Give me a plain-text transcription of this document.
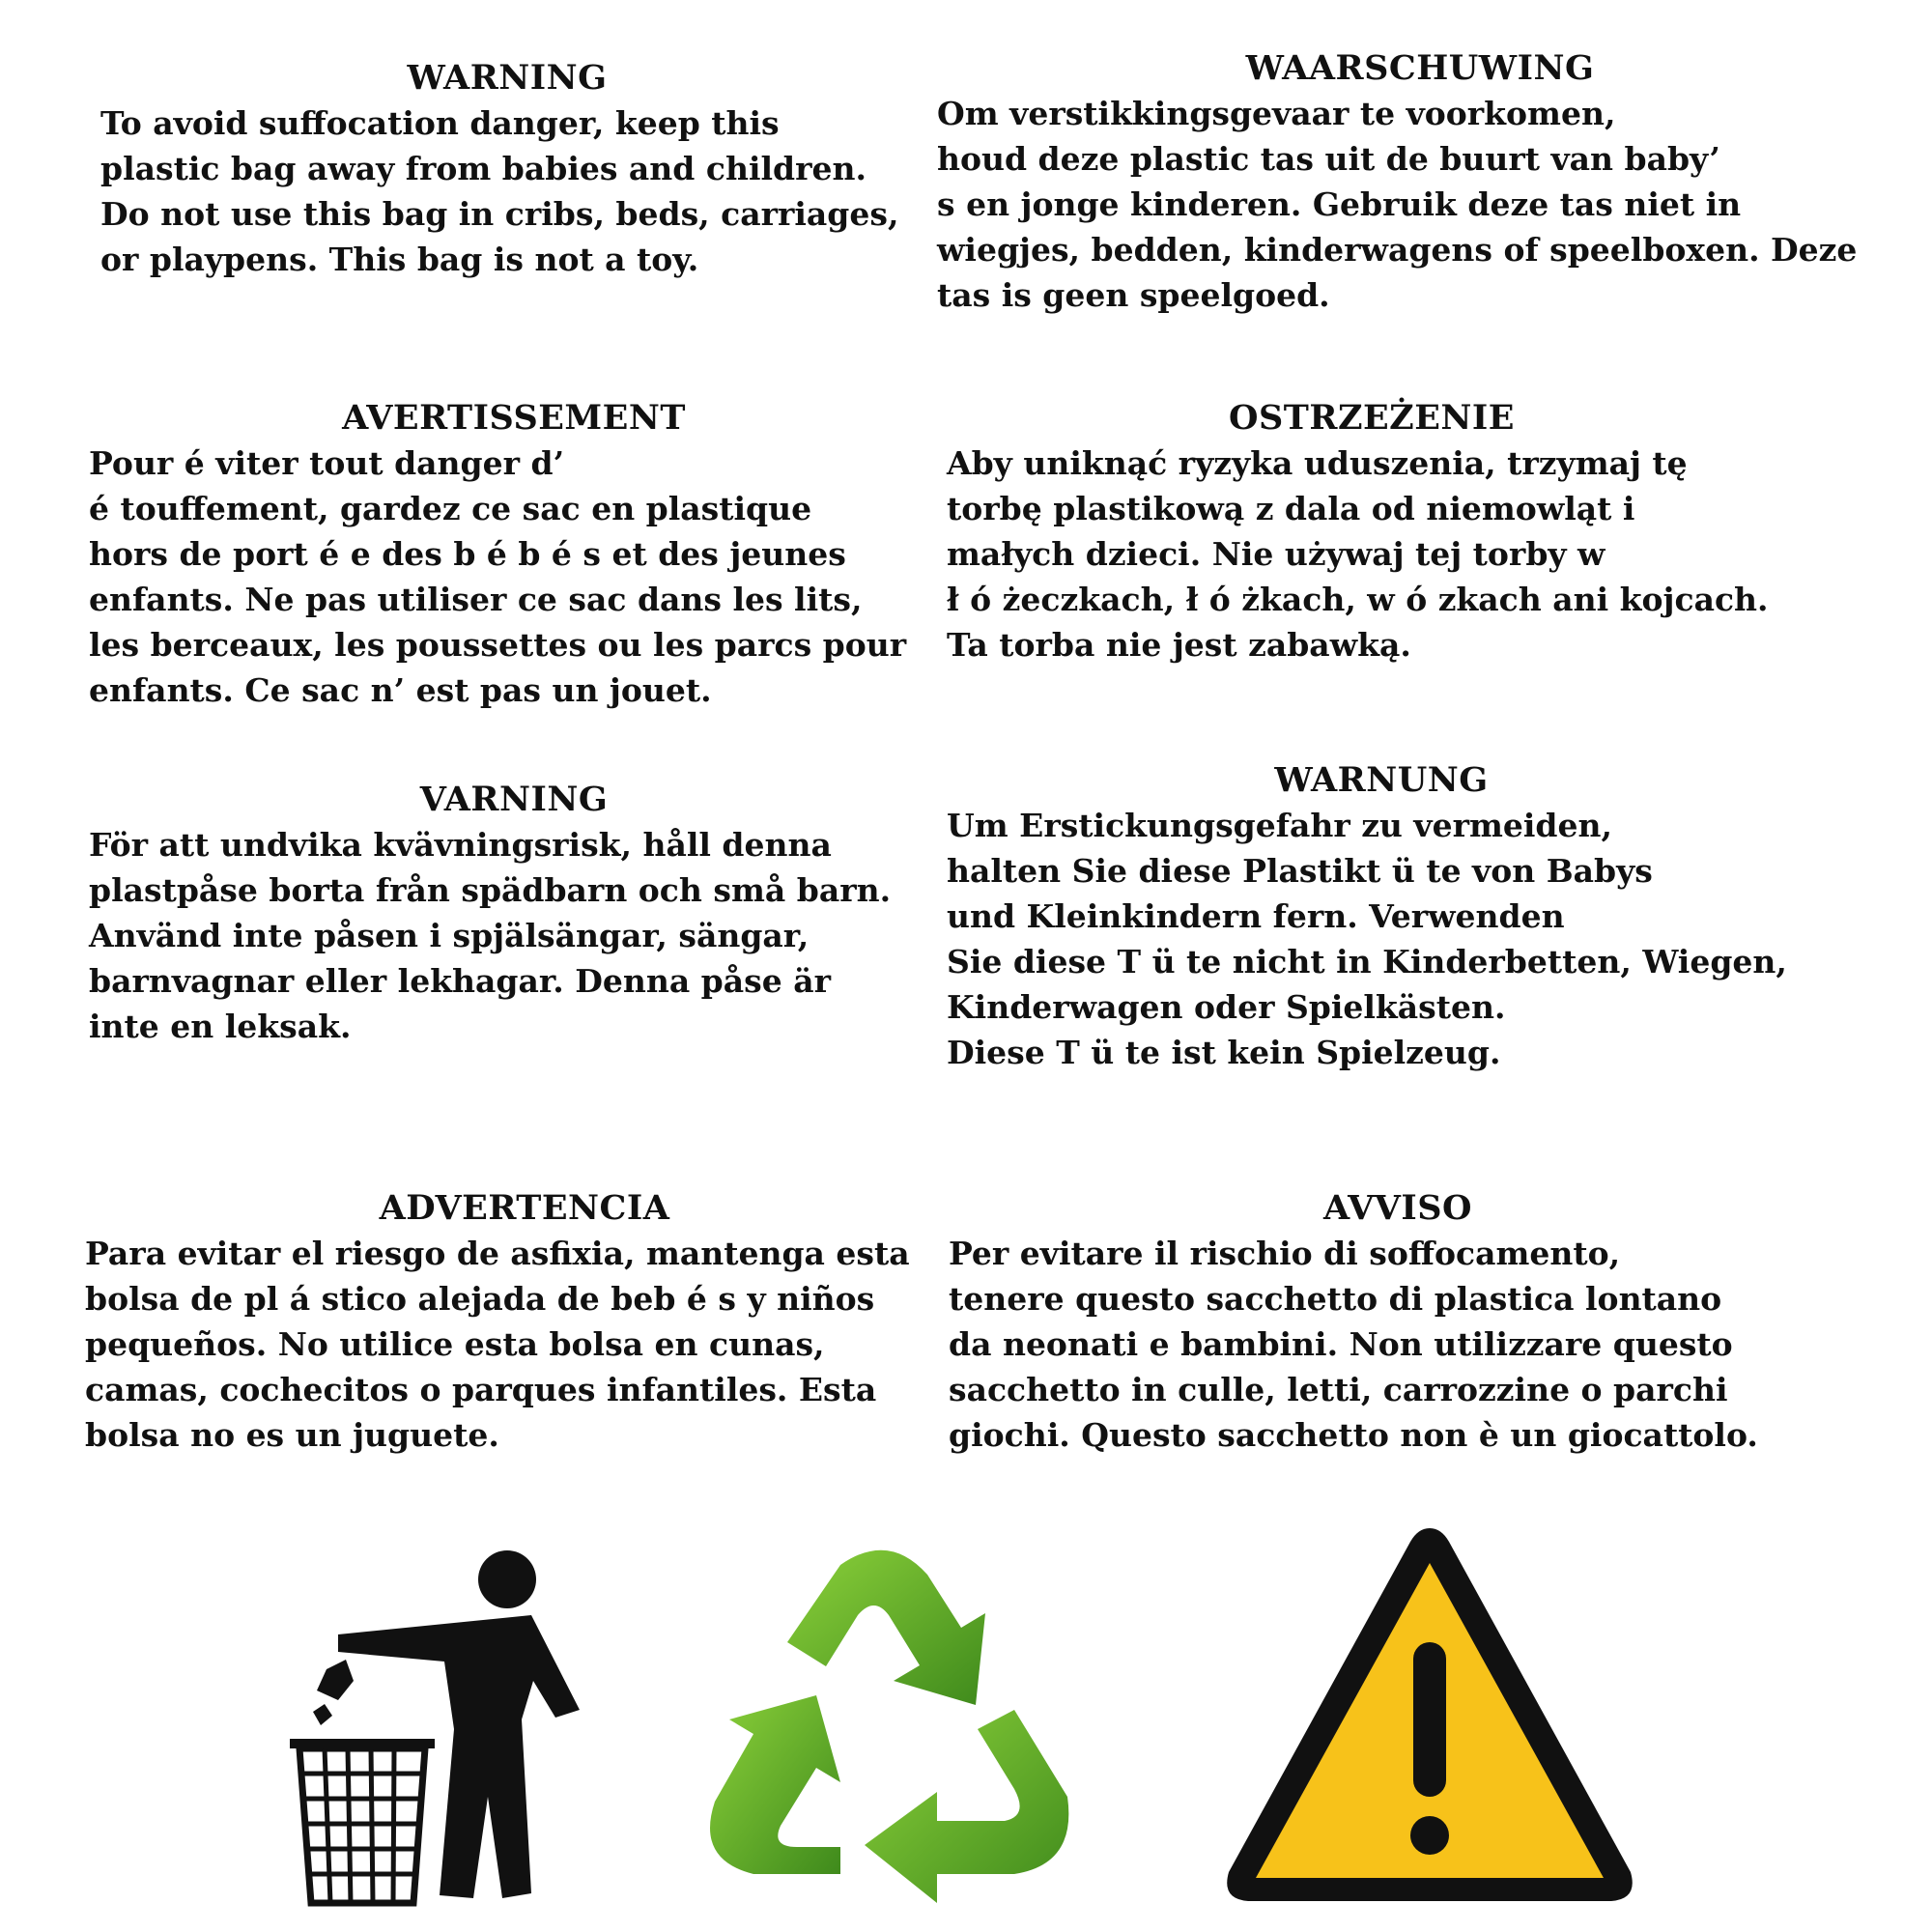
WARNING

To avoid suffocation danger, keep this
plastic bag away from babies and children.
Do not use this bag in cribs, beds, carriages,
or playpens. This bag is not a toy.

WAARSCHUWING

Om verstikkingsgevaar te voorkomen,
houd deze plastic tas uit de buurt van baby’
s en jonge kinderen. Gebruik deze tas niet in
wiegjes, bedden, kinderwagens of speelboxen. Deze
tas is geen speelgoed.

AVERTISSEMENT

Pour é viter tout danger d’
é touffement, gardez ce sac en plastique
hors de port é e des b é b é s et des jeunes
enfants. Ne pas utiliser ce sac dans les lits,
les berceaux, les poussettes ou les parcs pour
enfants. Ce sac n’ est pas un jouet.

OSTRZEŻENIE

Aby uniknąć ryzyka uduszenia, trzymaj tę
torbę plastikową z dala od niemowląt i
małych dzieci. Nie używaj tej torby w
ł ó żeczkach, ł ó żkach, w ó zkach ani kojcach.
Ta torba nie jest zabawką.

VARNING

För att undvika kvävningsrisk, håll denna
plastpåse borta från spädbarn och små barn.
Använd inte påsen i spjälsängar, sängar,
barnvagnar eller lekhagar. Denna påse är
inte en leksak.

WARNUNG

Um Erstickungsgefahr zu vermeiden,
halten Sie diese Plastikt ü te von Babys
und Kleinkindern fern. Verwenden
Sie diese T ü te nicht in Kinderbetten, Wiegen,
Kinderwagen oder Spielkästen.
Diese T ü te ist kein Spielzeug.

ADVERTENCIA

Para evitar el riesgo de asfixia, mantenga esta
bolsa de pl á stico alejada de beb é s y niños
pequeños. No utilice esta bolsa en cunas,
camas, cochecitos o parques infantiles. Esta
bolsa no es un juguete.

AVVISO

Per evitare il rischio di soffocamento,
tenere questo sacchetto di plastica lontano
da neonati e bambini. Non utilizzare questo
sacchetto in culle, letti, carrozzine o parchi
giochi. Questo sacchetto non è un giocattolo.
